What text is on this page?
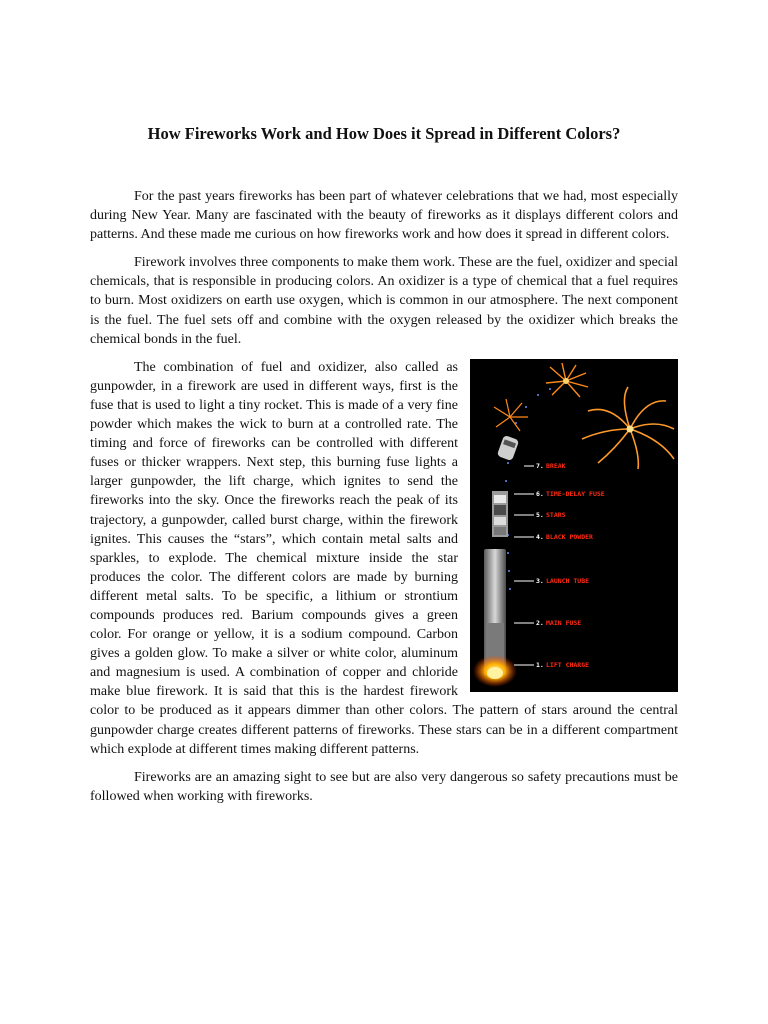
How Fireworks Work and How Does it Spread in Different Colors?

For the past years fireworks has been part of whatever celebrations that we had, most especially during New Year. Many are fascinated with the beauty of fireworks as it displays different colors and patterns. And these made me curious on how fireworks work and how does it spread in different colors.

Firework involves three components to make them work. These are the fuel, oxidizer and special chemicals, that is responsible in producing colors. An oxidizer is a type of chemical that a fuel requires to burn. Most oxidizers on earth use oxygen, which is common in our atmosphere. The next component is the fuel. The fuel sets off and combine with the oxygen released by the oxidizer which breaks the chemical bonds in the fuel.

7. BREAK
6. TIME-DELAY FUSE
5. STARS
4. BLACK POWDER
3. LAUNCH TUBE
2. MAIN FUSE
1. LIFT CHARGE

The combination of fuel and oxidizer, also called as gunpowder, in a firework are used in different ways, first is the fuse that is used to light a tiny rocket. This is made of a very fine powder which makes the wick to burn at a controlled rate. The timing and force of fireworks can be controlled with different fuses or thicker wrappers. Next step, this burning fuse lights a larger gunpowder, the lift charge, which ignites to send the fireworks into the sky. Once the fireworks reach the peak of its trajectory, a gunpowder, called burst charge, within the firework ignites. This causes the “stars”, which contain metal salts and sparkles, to explode. The chemical mixture inside the star produces the color. The different colors are made by burning different metal salts. To be specific, a lithium or strontium compounds produces red. Barium compounds gives a green color. For orange or yellow, it is a sodium compound. Carbon gives a golden glow. To make a silver or white color, aluminum and magnesium is used. A combination of copper and chloride make blue firework. It is said that this is the hardest firework color to be produced as it appears dimmer than other colors. The pattern of stars around the central gunpowder charge creates different patterns of fireworks. These stars can be in a different compartment which explode at different times making different patterns.

Fireworks are an amazing sight to see but are also very dangerous so safety precautions must be followed when working with fireworks.
